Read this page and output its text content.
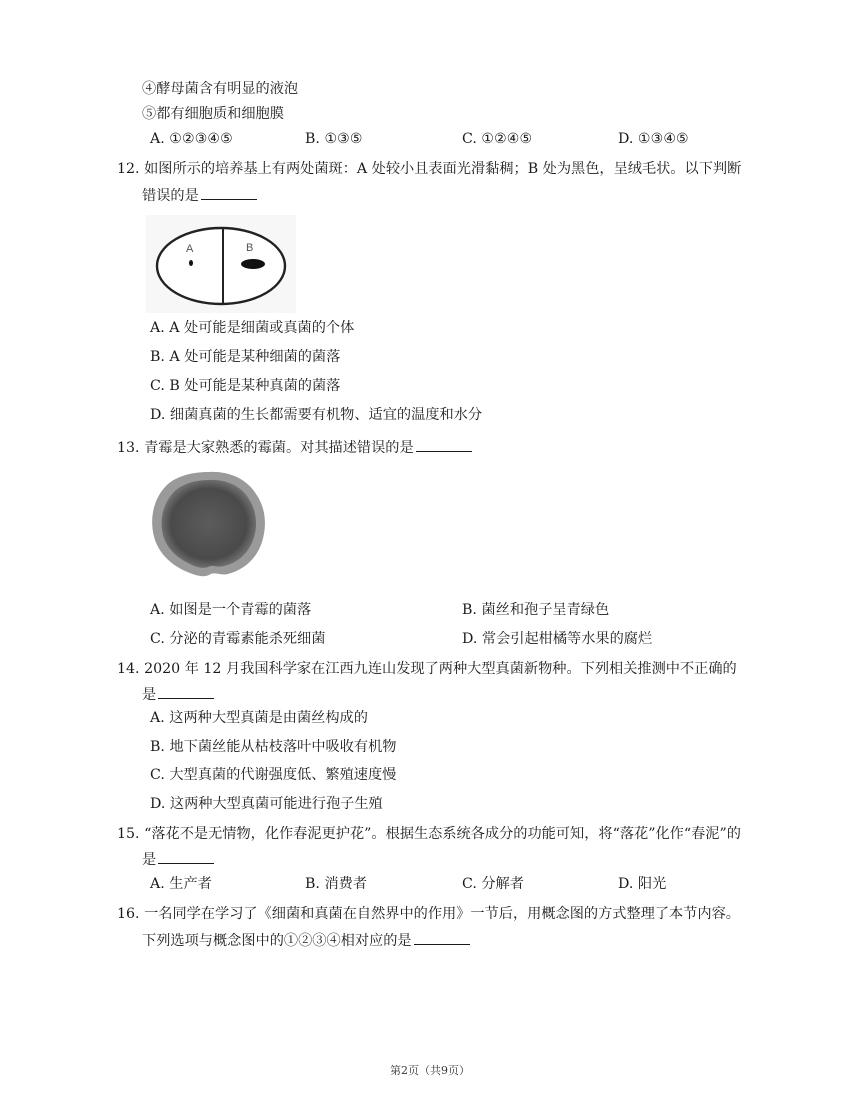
④酵母菌含有明显的液泡
⑤都有细胞质和细胞膜
A. ①②③④⑤	B. ①③⑤	C. ①②④⑤	D. ①③④⑤
12. 如图所示的培养基上有两处菌斑：A 处较小且表面光滑黏稠；B 处为黑色，呈绒毛状。以下判断
错误的是
A	B
A. A 处可能是细菌或真菌的个体
B. A 处可能是某种细菌的菌落
C. B 处可能是某种真菌的菌落
D. 细菌真菌的生长都需要有机物、适宜的温度和水分
13. 青霉是大家熟悉的霉菌。对其描述错误的是
A. 如图是一个青霉的菌落	B. 菌丝和孢子呈青绿色
C. 分泌的青霉素能杀死细菌	D. 常会引起柑橘等水果的腐烂
14. 2020 年 12 月我国科学家在江西九连山发现了两种大型真菌新物种。下列相关推测中不正确的
是
A. 这两种大型真菌是由菌丝构成的
B. 地下菌丝能从枯枝落叶中吸收有机物
C. 大型真菌的代谢强度低、繁殖速度慢
D. 这两种大型真菌可能进行孢子生殖
15. “落花不是无情物，化作春泥更护花”。根据生态系统各成分的功能可知，将“落花”化作“春泥”的
是
A. 生产者	B. 消费者	C. 分解者	D. 阳光
16. 一名同学在学习了《细菌和真菌在自然界中的作用》一节后，用概念图的方式整理了本节内容。
下列选项与概念图中的①②③④相对应的是
第2页（共9页）
